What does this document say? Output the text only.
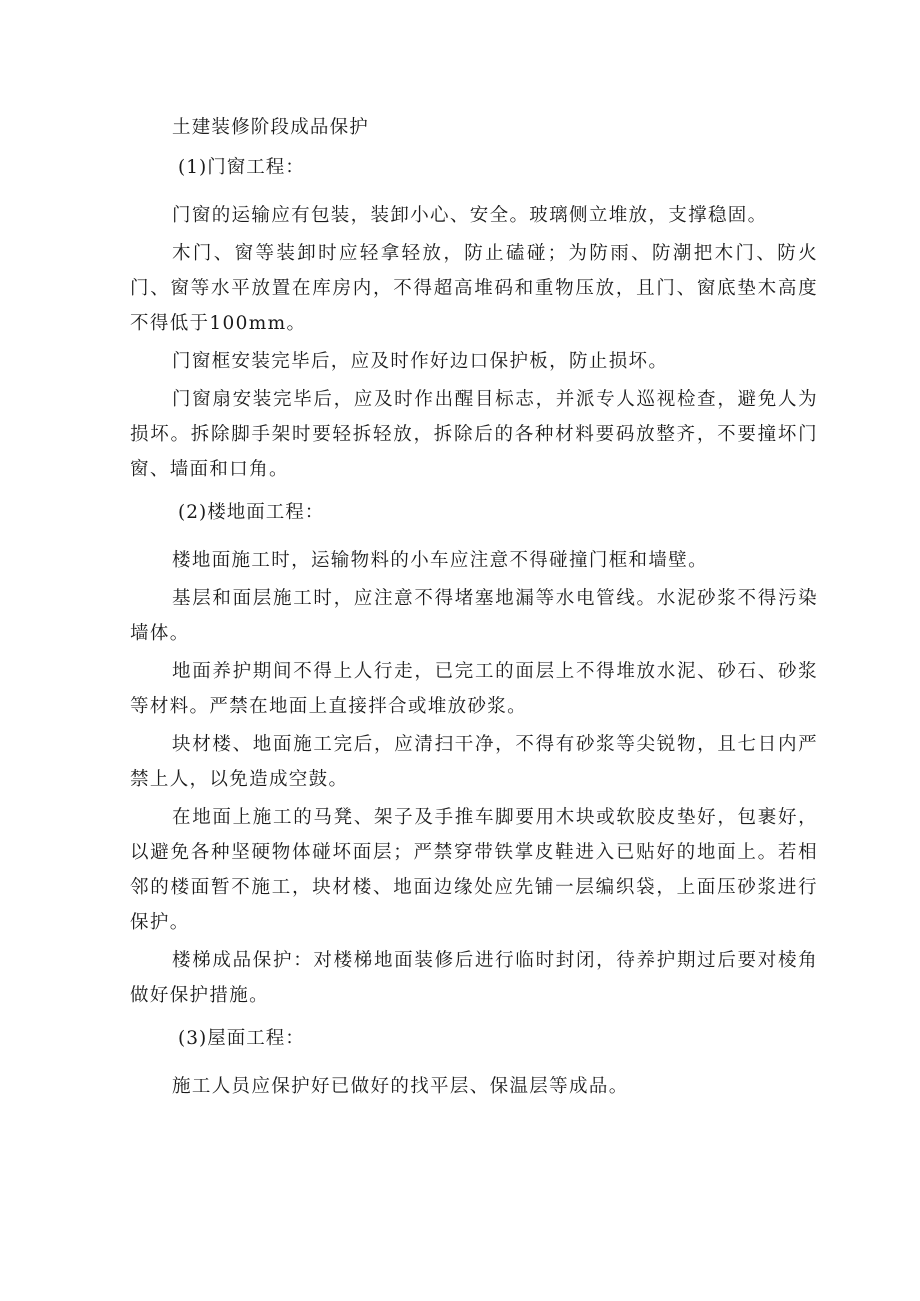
土建装修阶段成品保护

(1)门窗工程：

门窗的运输应有包装，装卸小心、安全。玻璃侧立堆放，支撑稳固。

木门、窗等装卸时应轻拿轻放，防止磕碰；为防雨、防潮把木门、防火门、窗等水平放置在库房内，不得超高堆码和重物压放，且门、窗底垫木高度不得低于100mm。

门窗框安装完毕后，应及时作好边口保护板，防止损坏。

门窗扇安装完毕后，应及时作出醒目标志，并派专人巡视检查，避免人为损坏。拆除脚手架时要轻拆轻放，拆除后的各种材料要码放整齐，不要撞坏门窗、墙面和口角。

(2)楼地面工程：

楼地面施工时，运输物料的小车应注意不得碰撞门框和墙壁。

基层和面层施工时，应注意不得堵塞地漏等水电管线。水泥砂浆不得污染墙体。

地面养护期间不得上人行走，已完工的面层上不得堆放水泥、砂石、砂浆等材料。严禁在地面上直接拌合或堆放砂浆。

块材楼、地面施工完后，应清扫干净，不得有砂浆等尖锐物，且七日内严禁上人，以免造成空鼓。

在地面上施工的马凳、架子及手推车脚要用木块或软胶皮垫好，包裹好，以避免各种坚硬物体碰坏面层；严禁穿带铁掌皮鞋进入已贴好的地面上。若相邻的楼面暂不施工，块材楼、地面边缘处应先铺一层编织袋，上面压砂浆进行保护。

楼梯成品保护：对楼梯地面装修后进行临时封闭，待养护期过后要对棱角做好保护措施。

(3)屋面工程：

施工人员应保护好已做好的找平层、保温层等成品。
